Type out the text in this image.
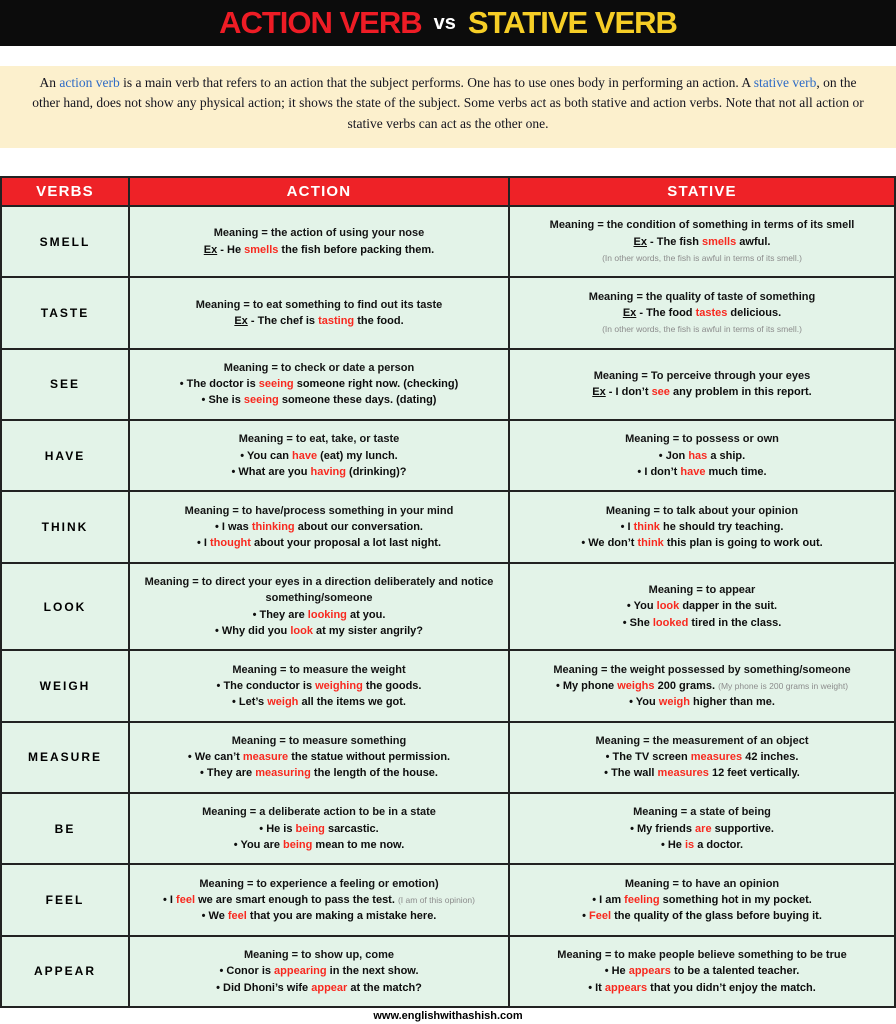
ACTION VERB vs STATIVE VERB
An action verb is a main verb that refers to an action that the subject performs. One has to use ones body in performing an action. A stative verb, on the other hand, does not show any physical action; it shows the state of the subject. Some verbs act as both stative and action verbs. Note that not all action or stative verbs can act as the other one.
VERBS	ACTION	STATIVE
SMELL
Meaning = the action of using your nose
Ex - He smells the fish before packing them.
Meaning = the condition of something in terms of its smell
Ex - The fish smells awful.
(In other words, the fish is awful in terms of its smell.)
TASTE
Meaning = to eat something to find out its taste
Ex - The chef is tasting the food.
Meaning = the quality of taste of something
Ex - The food tastes delicious.
(In other words, the fish is awful in terms of its smell.)
SEE
Meaning = to check or date a person
• The doctor is seeing someone right now. (checking)
• She is seeing someone these days. (dating)
Meaning = To perceive through your eyes
Ex - I don’t see any problem in this report.
HAVE
Meaning = to eat, take, or taste
• You can have (eat) my lunch.
• What are you having (drinking)?
Meaning = to possess or own
• Jon has a ship.
• I don’t have much time.
THINK
Meaning = to have/process something in your mind
• I was thinking about our conversation.
• I thought about your proposal a lot last night.
Meaning = to talk about your opinion
• I think he should try teaching.
• We don’t think this plan is going to work out.
LOOK
Meaning = to direct your eyes in a direction deliberately and notice something/someone
• They are looking at you.
• Why did you look at my sister angrily?
Meaning = to appear
• You look dapper in the suit.
• She looked tired in the class.
WEIGH
Meaning = to measure the weight
• The conductor is weighing the goods.
• Let’s weigh all the items we got.
Meaning = the weight possessed by something/someone
• My phone weighs 200 grams. (My phone is 200 grams in weight)
• You weigh higher than me.
MEASURE
Meaning = to measure something
• We can’t measure the statue without permission.
• They are measuring the length of the house.
Meaning = the measurement of an object
• The TV screen measures 42 inches.
• The wall measures 12 feet vertically.
BE
Meaning = a deliberate action to be in a state
• He is being sarcastic.
• You are being mean to me now.
Meaning = a state of being
• My friends are supportive.
• He is a doctor.
FEEL
Meaning = to experience a feeling or emotion)
• I feel we are smart enough to pass the test. (I am of this opinion)
• We feel that you are making a mistake here.
Meaning = to have an opinion
• I am feeling something hot in my pocket.
• Feel the quality of the glass before buying it.
APPEAR
Meaning = to show up, come
• Conor is appearing in the next show.
• Did Dhoni’s wife appear at the match?
Meaning = to make people believe something to be true
• He appears to be a talented teacher.
• It appears that you didn’t enjoy the match.
www.englishwithashish.com
